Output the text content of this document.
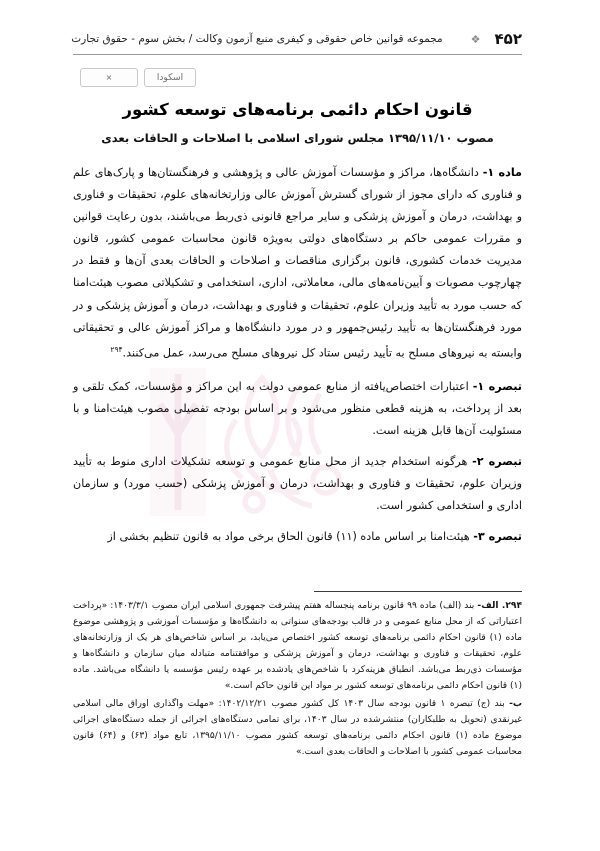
۴۵۲
❖
مجموعه قوانین خاص حقوقی و کیفری منبع آزمون وکالت / بخش سوم - حقوق تجارت
اسکودا
×
قانون احکام دائمی برنامه‌های توسعه کشور
مصوب ۱۳۹۵/۱۱/۱۰ مجلس شورای اسلامی با اصلاحات و الحاقات بعدی

ماده ۱- دانشگاه‌ها، مراکز و مؤسسات آموزش عالی و پژوهشی و فرهنگستان‌ها و پارک‌های علم و فناوری که دارای مجوز از شورای گسترش آموزش عالی وزارتخانه‌های علوم، تحقیقات و فناوری و بهداشت، درمان و آموزش پزشکی و سایر مراجع قانونی ذی‌ربط می‌باشند، بدون رعایت قوانین و مقررات عمومی حاکم بر دستگاه‌های دولتی به‌ویژه قانون محاسبات عمومی کشور، قانون مدیریت خدمات کشوری، قانون برگزاری مناقصات و اصلاحات و الحاقات بعدی آن‌ها و فقط در چهارچوب مصوبات و آیین‌نامه‌های مالی، معاملاتی، اداری، استخدامی و تشکیلاتی مصوب هیئت‌امنا که حسب مورد به تأیید وزیران علوم، تحقیقات و فناوری و بهداشت، درمان و آموزش پزشکی و در مورد فرهنگستان‌ها به تأیید رئیس‌جمهور و در مورد دانشگاه‌ها و مراکز آموزش عالی و تحقیقاتی وابسته به نیروهای مسلح به تأیید رئیس ستاد کل نیروهای مسلح می‌رسد، عمل می‌کنند.$^{۲۹۴}$

تبصره ۱- اعتبارات اختصاص‌یافته از منابع عمومی دولت به این مراکز و مؤسسات، کمک تلقی و بعد از پرداخت، به هزینه قطعی منظور می‌شود و بر اساس بودجه تفصیلی مصوب هیئت‌امنا و با مسئولیت آن‌ها قابل هزینه است.

تبصره ۲- هرگونه استخدام جدید از محل منابع عمومی و توسعه تشکیلات اداری منوط به تأیید وزیران علوم، تحقیقات و فناوری و بهداشت، درمان و آموزش پزشکی (حسب مورد) و سازمان اداری و استخدامی کشور است.

تبصره ۳- هیئت‌امنا بر اساس ماده (۱۱) قانون الحاق برخی مواد به قانون تنظیم بخشی از

۲۹۴. الف- بند (الف) ماده ۹۹ قانون برنامه پنجساله هفتم پیشرفت جمهوری اسلامی ایران مصوب ۱۴۰۳/۳/۱: «پرداخت اعتباراتی که از محل منابع عمومی و در قالب بودجه‌های سنواتی به دانشگاه‌ها و مؤسسات آموزشی و پژوهشی موضوع ماده (۱) قانون احکام دائمی برنامه‌های توسعه کشور اختصاص می‌یابد، بر اساس شاخص‌های هر یک از وزارتخانه‌های علوم، تحقیقات و فناوری و بهداشت، درمان و آموزش پزشکی و موافقتنامه متبادله میان سازمان و دانشگاه‌ها و مؤسسات ذی‌ربط می‌باشد. انطباق هزینه‌کرد با شاخص‌های یادشده بر عهده رئیس مؤسسه یا دانشگاه می‌باشد. ماده (۱) قانون احکام دائمی برنامه‌های توسعه کشور بر مواد این قانون حاکم است.»

ب- بند (ج) تبصره ۱ قانون بودجه سال ۱۴۰۳ کل کشور مصوب ۱۴۰۲/۱۲/۲۱: «مهلت واگذاری اوراق مالی اسلامی غیرنقدی (تحویل به طلبکاران) منتشرشده در سال ۱۴۰۳، برای تمامی دستگاه‌های اجرائی از جمله دستگاه‌های اجرائی موضوع ماده (۱) قانون احکام دائمی برنامه‌های توسعه کشور مصوب ۱۳۹۵/۱۱/۱۰، تابع مواد (۶۳) و (۶۴) قانون محاسبات عمومی کشور با اصلاحات و الحاقات بعدی است.»
